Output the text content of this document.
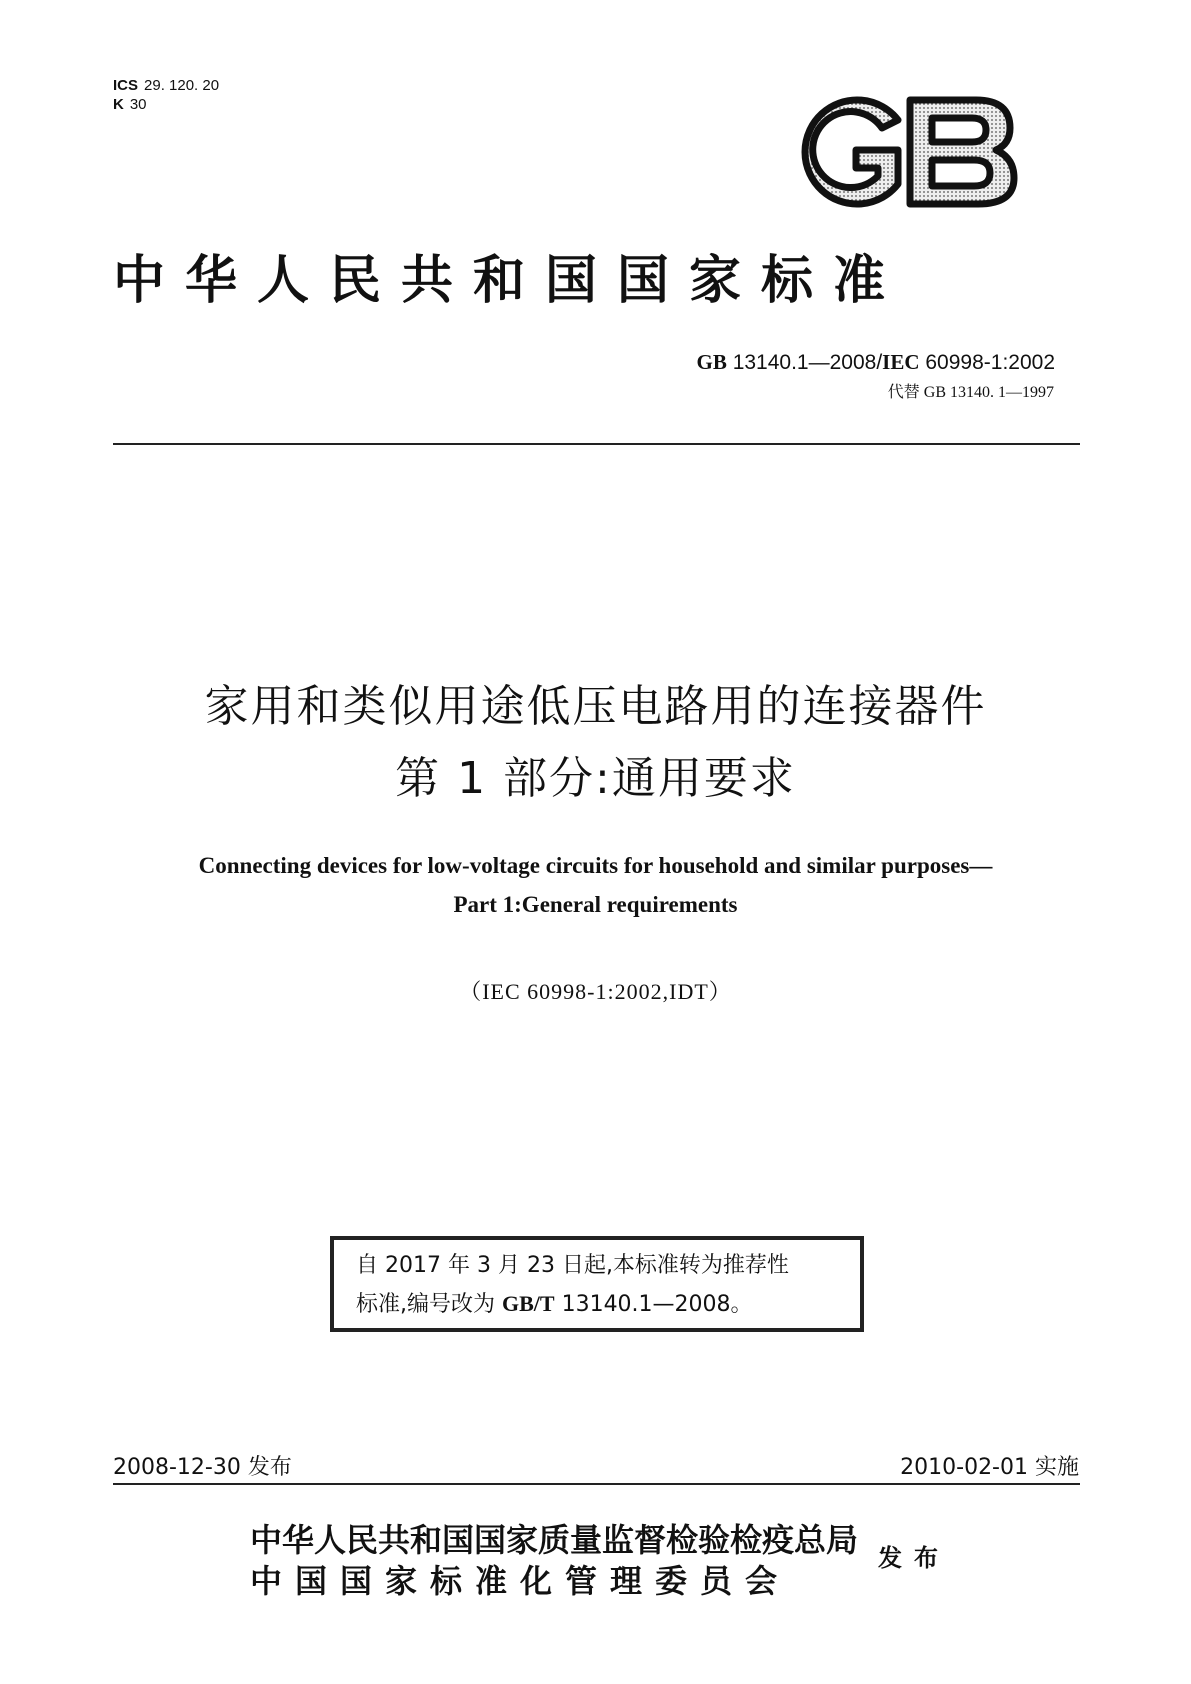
ICS 29. 120. 20
K 30
中华人民共和国国家标准
GB 13140.1—2008/IEC 60998-1:2002
代替 GB 13140. 1—1997
家用和类似用途低压电路用的连接器件
第 1 部分:通用要求
Connecting devices for low-voltage circuits for household and similar purposes—
Part 1:General requirements
（IEC 60998-1:2002,IDT）
自 2017 年 3 月 23 日起,本标准转为推荐性
标准,编号改为 GB/T 13140.1—2008。
2008-12-30 发布	2010-02-01 实施
中华人民共和国国家质量监督检验检疫总局
中国国家标准化管理委员会
发布
